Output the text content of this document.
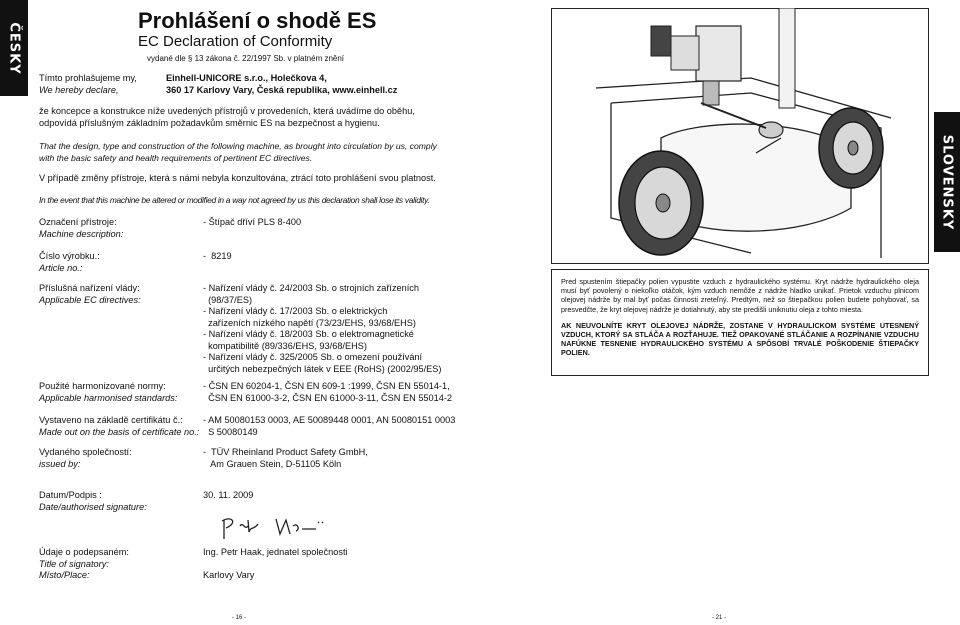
ČESKY
SLOVENSKY
Prohlášení o shodě ES
EC Declaration of Conformity
vydané dle § 13 zákona č. 22/1997 Sb. v platném znění
Tímto prohlašujeme my,
We hereby declare,
Einhell-UNICORE s.r.o., Holečkova 4,
360 17 Karlovy Vary, Česká republika, www.einhell.cz
že koncepce a konstrukce níže uvedených přístrojů v provedeních, která uvádíme do oběhu, odpovídá příslušným základním požadavkům směrnic ES na bezpečnost a hygienu.
That the design, type and construction of the following machine, as brought into circulation by us, comply with the basic safety and health requirements of pertinent EC directives.
V případě změny přístroje, která s námi nebyla konzultována, ztrácí toto prohlášení svou platnost.
In the event that this machine be altered or modified in a way not agreed by us this declaration shall lose its validity.
Označení přístroje:
Machine description:
- Štípač dříví PLS 8-400
Číslo výrobku.:
Article no.:
-  8219
Příslušná nařízení vlády:
Applicable EC directives:
- Nařízení vlády č. 24/2003 Sb. o strojních zařízeních
(98/37/ES)
- Nařízení vlády č. 17/2003 Sb. o elektrických
zařízeních nízkého napětí (73/23/EHS, 93/68/EHS)
- Nařízení vlády č. 18/2003 Sb. o elektromagnetické
kompatibilitě (89/336/EHS, 93/68/EHS)
- Nařízení vlády č. 325/2005 Sb. o omezení používání
určitých nebezpečných látek v EEE (RoHS) (2002/95/ES)
Použité harmonizované normy:
Applicable harmonised standards:
- ČSN EN 60204-1, ČSN EN 609-1 :1999, ČSN EN 55014-1,
ČSN EN 61000-3-2, ČSN EN 61000-3-11, ČSN EN 55014-2
Vystaveno na základě certifikátu č.:
Made out on the basis of certificate no.:
- AM 50080153 0003, AE 50089448 0001, AN 50080151 0003
S 50080149
Vydaného společností:
issued by:
-  TÜV Rheinland Product Safety GmbH,
Am Grauen Stein, D-51105 Köln
Datum/Podpis :
Date/authorised signature:
30. 11. 2009
Údaje o podepsaném:
Title of signatory:
Místo/Place:
Ing. Petr Haak, jednatel společnosti
Karlovy Vary
Pred spustením štiepačky polien vypustite vzduch z hydraulického systému. Kryt nádrže hydraulického oleja musí byť povolený o niekoľko otáčok, kým vzduch nemôže z nádrže hladko unikať. Prietok vzduchu plnicom olejovej nádrže by mal byť počas činnosti zreteľný. Predtým, než so štiepačkou polien budete pohybovať, sa presvedčte, že kryt olejovej nádrže je dotiahnutý, aby ste predišli uniknutiu oleja z tohto miesta.
AK NEUVOLNÍTE KRYT OLEJOVEJ NÁDRŽE, ZOSTANE V HYDRAULICKOM SYSTÉME UTESNENÝ VZDUCH, KTORÝ SA STLÁČA A ROZŤAHUJE. TIEŽ OPAKOVANÉ STLÁČANIE A ROZPÍNANIE VZDUCHU NAFÚKNE TESNENIE HYDRAULICKÉHO SYSTÉMU A SPÔSOBÍ TRVALÉ POŠKODENIE ŠTIEPAČKY POLIEN.
- 16 -	- 21 -
